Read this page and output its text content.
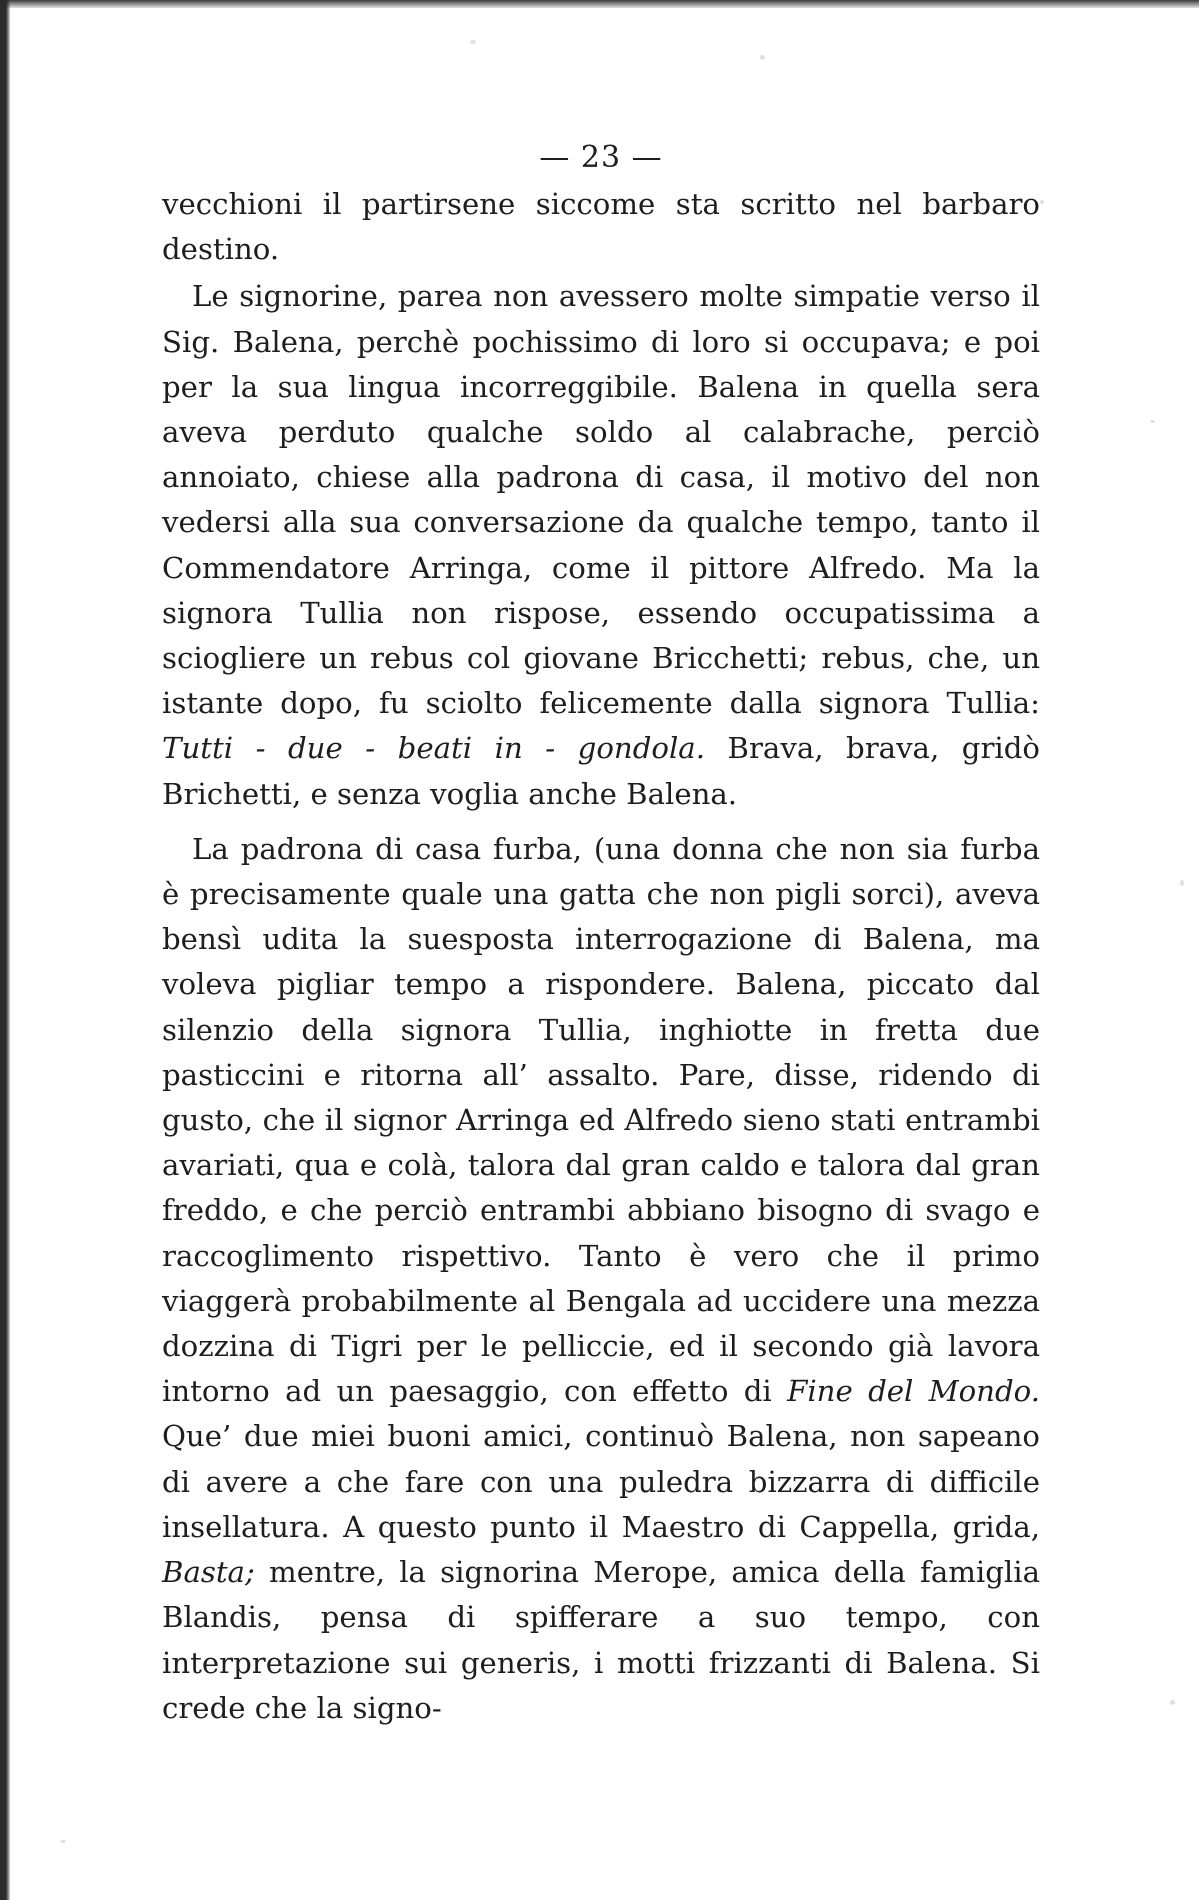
— 23 —

vecchioni il partirsene siccome sta scritto nel barbaro destino.

Le signorine, parea non avessero molte simpatie verso il Sig. Balena, perchè pochissimo di loro si occupava; e poi per la sua lingua incorreggibile. Balena in quella sera aveva perduto qualche soldo al calabrache, perciò annoiato, chiese alla padrona di casa, il motivo del non vedersi alla sua conversazione da qualche tempo, tanto il Commendatore Arringa, come il pittore Alfredo. Ma la signora Tullia non rispose, essendo occupatissima a sciogliere un rebus col giovane Bricchetti; rebus, che, un istante dopo, fu sciolto felicemente dalla signora Tullia: Tutti - due - beati in - gondola. Brava, brava, gridò Brichetti, e senza voglia anche Balena.

La padrona di casa furba, (una donna che non sia furba è precisamente quale una gatta che non pigli sorci), aveva bensì udita la suesposta interrogazione di Balena, ma voleva pigliar tempo a rispondere. Balena, piccato dal silenzio della signora Tullia, inghiotte in fretta due pasticcini e ritorna all’ assalto. Pare, disse, ridendo di gusto, che il signor Arringa ed Alfredo sieno stati entrambi avariati, qua e colà, talora dal gran caldo e talora dal gran freddo, e che perciò entrambi abbiano bisogno di svago e raccoglimento rispettivo. Tanto è vero che il primo viaggerà probabilmente al Bengala ad uccidere una mezza dozzina di Tigri per le pelliccie, ed il secondo già lavora intorno ad un paesaggio, con effetto di Fine del Mondo. Que’ due miei buoni amici, continuò Balena, non sapeano di avere a che fare con una puledra bizzarra di difficile insellatura. A questo punto il Maestro di Cappella, grida, Basta; mentre, la signorina Merope, amica della famiglia Blandis, pensa di spifferare a suo tempo, con interpretazione sui generis, i motti frizzanti di Balena. Si crede che la signo-
